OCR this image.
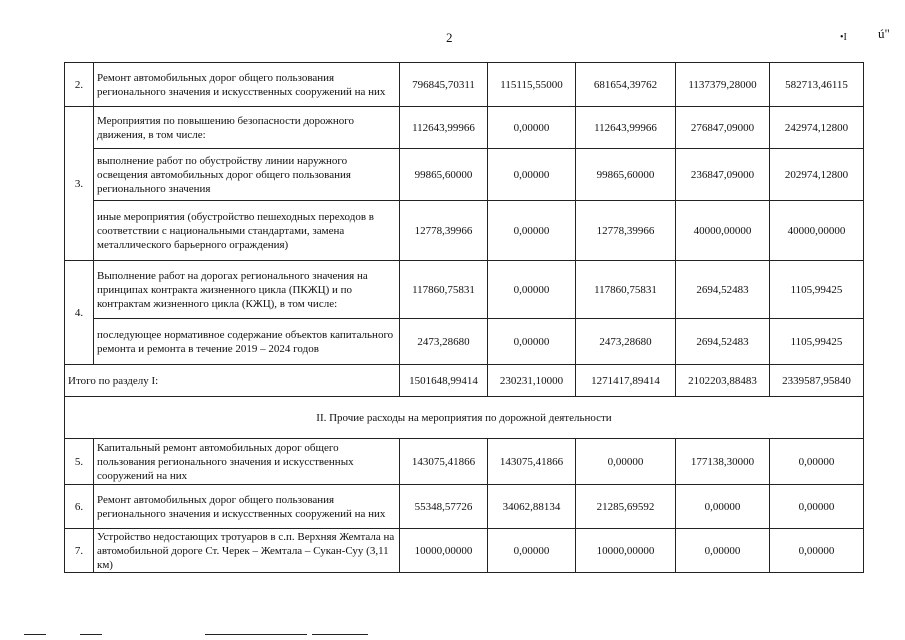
2	•I ú"
2.	Ремонт автомобильных дорог общего пользования регионального значения и искусственных сооружений на них	796845,70311	115115,55000	681654,39762	1137379,28000	582713,46115
3.	Мероприятия по повышению безопасности дорожного движения, в том числе:	112643,99966	0,00000	112643,99966	276847,09000	242974,12800
	выполнение работ по обустройству линии наружного освещения автомобильных дорог общего пользования регионального значения	99865,60000	0,00000	99865,60000	236847,09000	202974,12800
	иные мероприятия (обустройство пешеходных переходов в соответствии с национальными стандартами, замена металлического барьерного ограждения)	12778,39966	0,00000	12778,39966	40000,00000	40000,00000
4.	Выполнение работ на дорогах регионального значения на принципах контракта жизненного цикла (ПКЖЦ) и по контрактам жизненного цикла (КЖЦ), в том числе:	117860,75831	0,00000	117860,75831	2694,52483	1105,99425
	последующее нормативное содержание объектов капитального ремонта и ремонта в течение 2019 – 2024 годов	2473,28680	0,00000	2473,28680	2694,52483	1105,99425
Итого по разделу I:		1501648,99414	230231,10000	1271417,89414	2102203,88483	2339587,95840
II. Прочие расходы на мероприятия по дорожной деятельности						
5.	Капитальный ремонт автомобильных дорог общего пользования регионального значения и искусственных сооружений на них	143075,41866	143075,41866	0,00000	177138,30000	0,00000
6.	Ремонт автомобильных дорог общего пользования регионального значения и искусственных сооружений на них	55348,57726	34062,88134	21285,69592	0,00000	0,00000
7.	Устройство недостающих тротуаров в с.п. Верхняя Жемтала на автомобильной дороге Ст. Черек – Жемтала – Сукан-Суу (3,11 км)	10000,00000	0,00000	10000,00000	0,00000	0,00000
